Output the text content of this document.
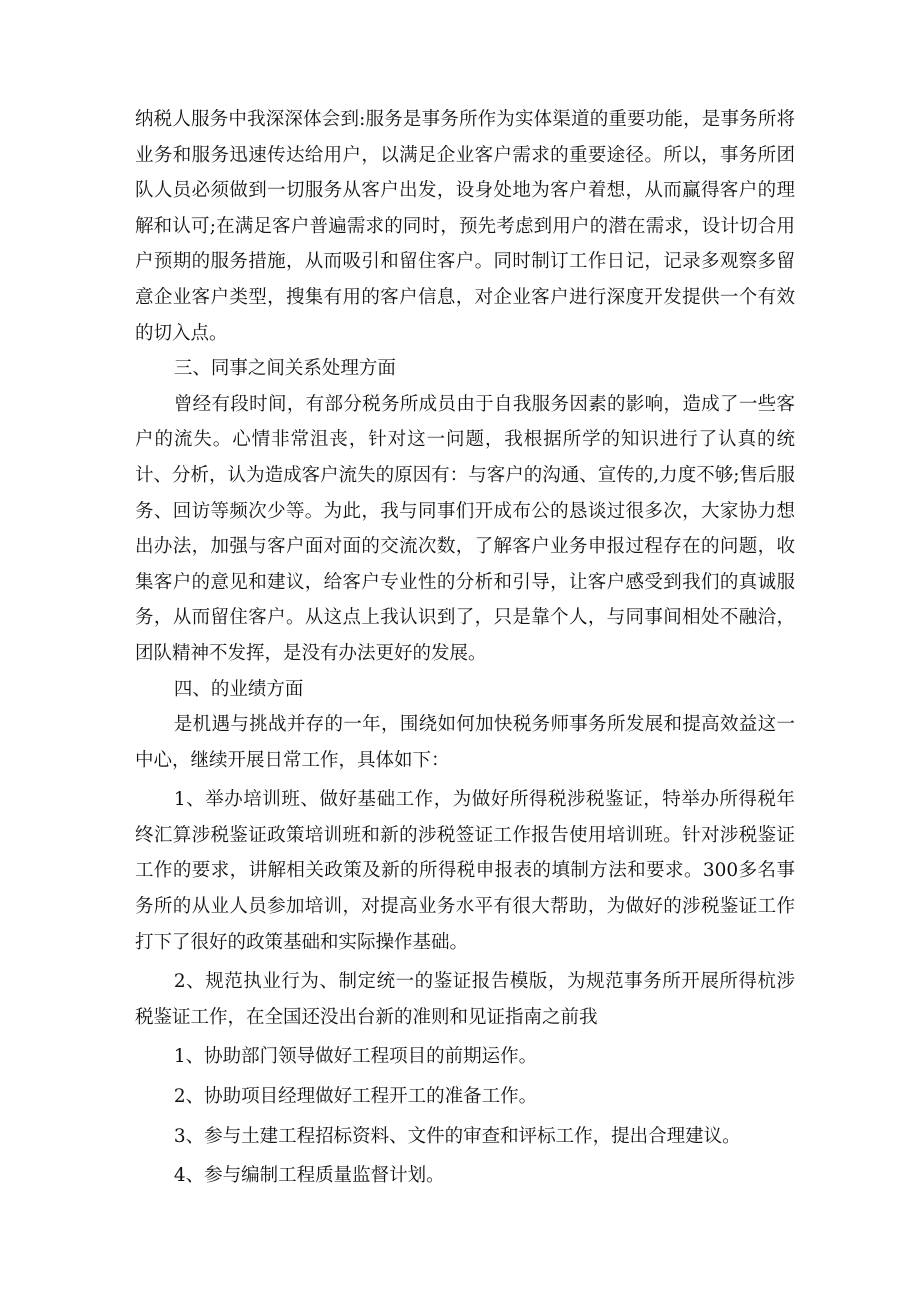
纳税人服务中我深深体会到:服务是事务所作为实体渠道的重要功能，是事务所将业务和服务迅速传达给用户，以满足企业客户需求的重要途径。所以，事务所团队人员必须做到一切服务从客户出发，设身处地为客户着想，从而赢得客户的理解和认可;在满足客户普遍需求的同时，预先考虑到用户的潜在需求，设计切合用户预期的服务措施，从而吸引和留住客户。同时制订工作日记，记录多观察多留意企业客户类型，搜集有用的客户信息，对企业客户进行深度开发提供一个有效的切入点。

三、同事之间关系处理方面

曾经有段时间，有部分税务所成员由于自我服务因素的影响，造成了一些客户的流失。心情非常沮丧，针对这一问题，我根据所学的知识进行了认真的统计、分析，认为造成客户流失的原因有：与客户的沟通、宣传的,力度不够;售后服务、回访等频次少等。为此，我与同事们开成布公的恳谈过很多次，大家协力想出办法，加强与客户面对面的交流次数，了解客户业务申报过程存在的问题，收集客户的意见和建议，给客户专业性的分析和引导，让客户感受到我们的真诚服务，从而留住客户。从这点上我认识到了，只是靠个人，与同事间相处不融洽，团队精神不发挥，是没有办法更好的发展。

四、的业绩方面

是机遇与挑战并存的一年，围绕如何加快税务师事务所发展和提高效益这一中心，继续开展日常工作，具体如下：

1、举办培训班、做好基础工作，为做好所得税涉税鉴证，特举办所得税年终汇算涉税鉴证政策培训班和新的涉税签证工作报告使用培训班。针对涉税鉴证工作的要求，讲解相关政策及新的所得税申报表的填制方法和要求。300多名事务所的从业人员参加培训，对提高业务水平有很大帮助，为做好的涉税鉴证工作打下了很好的政策基础和实际操作基础。

2、规范执业行为、制定统一的鉴证报告模版，为规范事务所开展所得杭涉税鉴证工作，在全国还没出台新的准则和见证指南之前我

1、协助部门领导做好工程项目的前期运作。

2、协助项目经理做好工程开工的准备工作。

3、参与土建工程招标资料、文件的审查和评标工作，提出合理建议。

4、参与编制工程质量监督计划。
